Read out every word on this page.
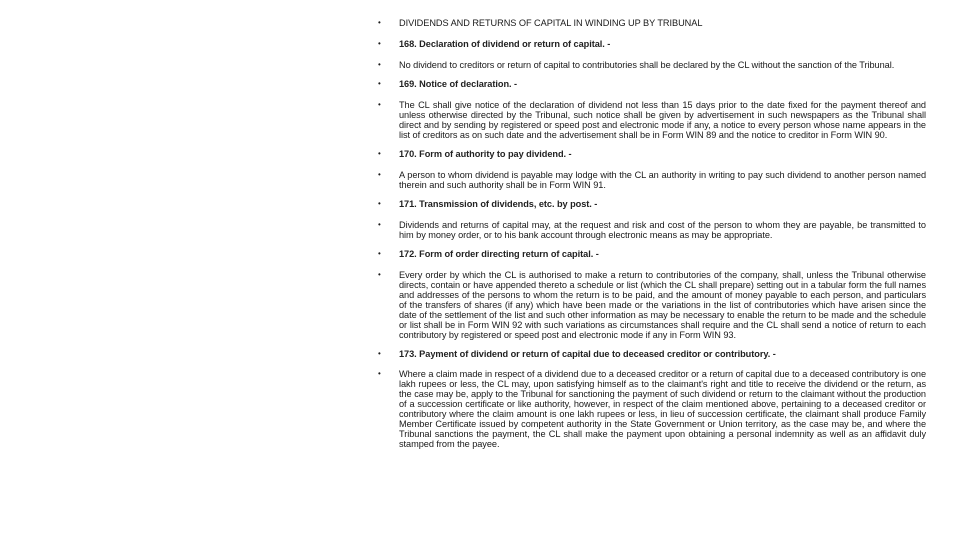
• DIVIDENDS AND RETURNS OF CAPITAL IN WINDING UP BY TRIBUNAL
• 168. Declaration of dividend or return of capital. -
• No dividend to creditors or return of capital to contributories shall be declared by the CL without the sanction of the Tribunal.
• 169. Notice of declaration. -
• The CL shall give notice of the declaration of dividend not less than 15 days prior to the date fixed for the payment thereof and unless otherwise directed by the Tribunal, such notice shall be given by advertisement in such newspapers as the Tribunal shall direct and by sending by registered or speed post and electronic mode if any, a notice to every person whose name appears in the list of creditors as on such date and the advertisement shall be in Form WIN 89 and the notice to creditor in Form WIN 90.
• 170. Form of authority to pay dividend. -
• A person to whom dividend is payable may lodge with the CL an authority in writing to pay such dividend to another person named therein and such authority shall be in Form WIN 91.
• 171. Transmission of dividends, etc. by post. -
• Dividends and returns of capital may, at the request and risk and cost of the person to whom they are payable, be transmitted to him by money order, or to his bank account through electronic means as may be appropriate.
• 172. Form of order directing return of capital. -
• Every order by which the CL is authorised to make a return to contributories of the company, shall, unless the Tribunal otherwise directs, contain or have appended thereto a schedule or list (which the CL shall prepare) setting out in a tabular form the full names and addresses of the persons to whom the return is to be paid, and the amount of money payable to each person, and particulars of the transfers of shares (if any) which have been made or the variations in the list of contributories which have arisen since the date of the settlement of the list and such other information as may be necessary to enable the return to be made and the schedule or list shall be in Form WIN 92 with such variations as circumstances shall require and the CL shall send a notice of return to each contributory by registered or speed post and electronic mode if any in Form WIN 93.
• 173. Payment of dividend or return of capital due to deceased creditor or contributory. -
• Where a claim made in respect of a dividend due to a deceased creditor or a return of capital due to a deceased contributory is one lakh rupees or less, the CL may, upon satisfying himself as to the claimant's right and title to receive the dividend or the return, as the case may be, apply to the Tribunal for sanctioning the payment of such dividend or return to the claimant without the production of a succession certificate or like authority, however, in respect of the claim mentioned above, pertaining to a deceased creditor or contributory where the claim amount is one lakh rupees or less, in lieu of succession certificate, the claimant shall produce Family Member Certificate issued by competent authority in the State Government or Union territory, as the case may be, and where the Tribunal sanctions the payment, the CL shall make the payment upon obtaining a personal indemnity as well as an affidavit duly stamped from the payee.
